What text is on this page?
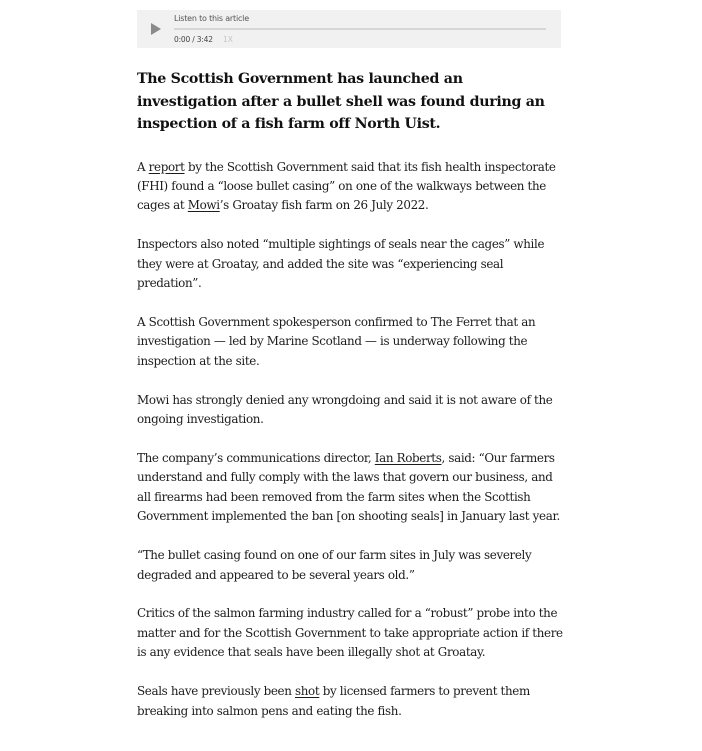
Listen to this article
0:00 / 3:42 1X

The Scottish Government has launched an investigation after a bullet shell was found during an inspection of a fish farm off North Uist.

A report by the Scottish Government said that its fish health inspectorate (FHI) found a “loose bullet casing” on one of the walkways between the cages at Mowi’s Groatay fish farm on 26 July 2022.

Inspectors also noted “multiple sightings of seals near the cages” while they were at Groatay, and added the site was “experiencing seal predation”.

A Scottish Government spokesperson confirmed to The Ferret that an investigation — led by Marine Scotland — is underway following the inspection at the site.

Mowi has strongly denied any wrongdoing and said it is not aware of the ongoing investigation.

The company’s communications director, Ian Roberts, said: “Our farmers understand and fully comply with the laws that govern our business, and all firearms had been removed from the farm sites when the Scottish Government implemented the ban [on shooting seals] in January last year.

“The bullet casing found on one of our farm sites in July was severely degraded and appeared to be several years old.”

Critics of the salmon farming industry called for a “robust” probe into the matter and for the Scottish Government to take appropriate action if there is any evidence that seals have been illegally shot at Groatay.

Seals have previously been shot by licensed farmers to prevent them breaking into salmon pens and eating the fish.
